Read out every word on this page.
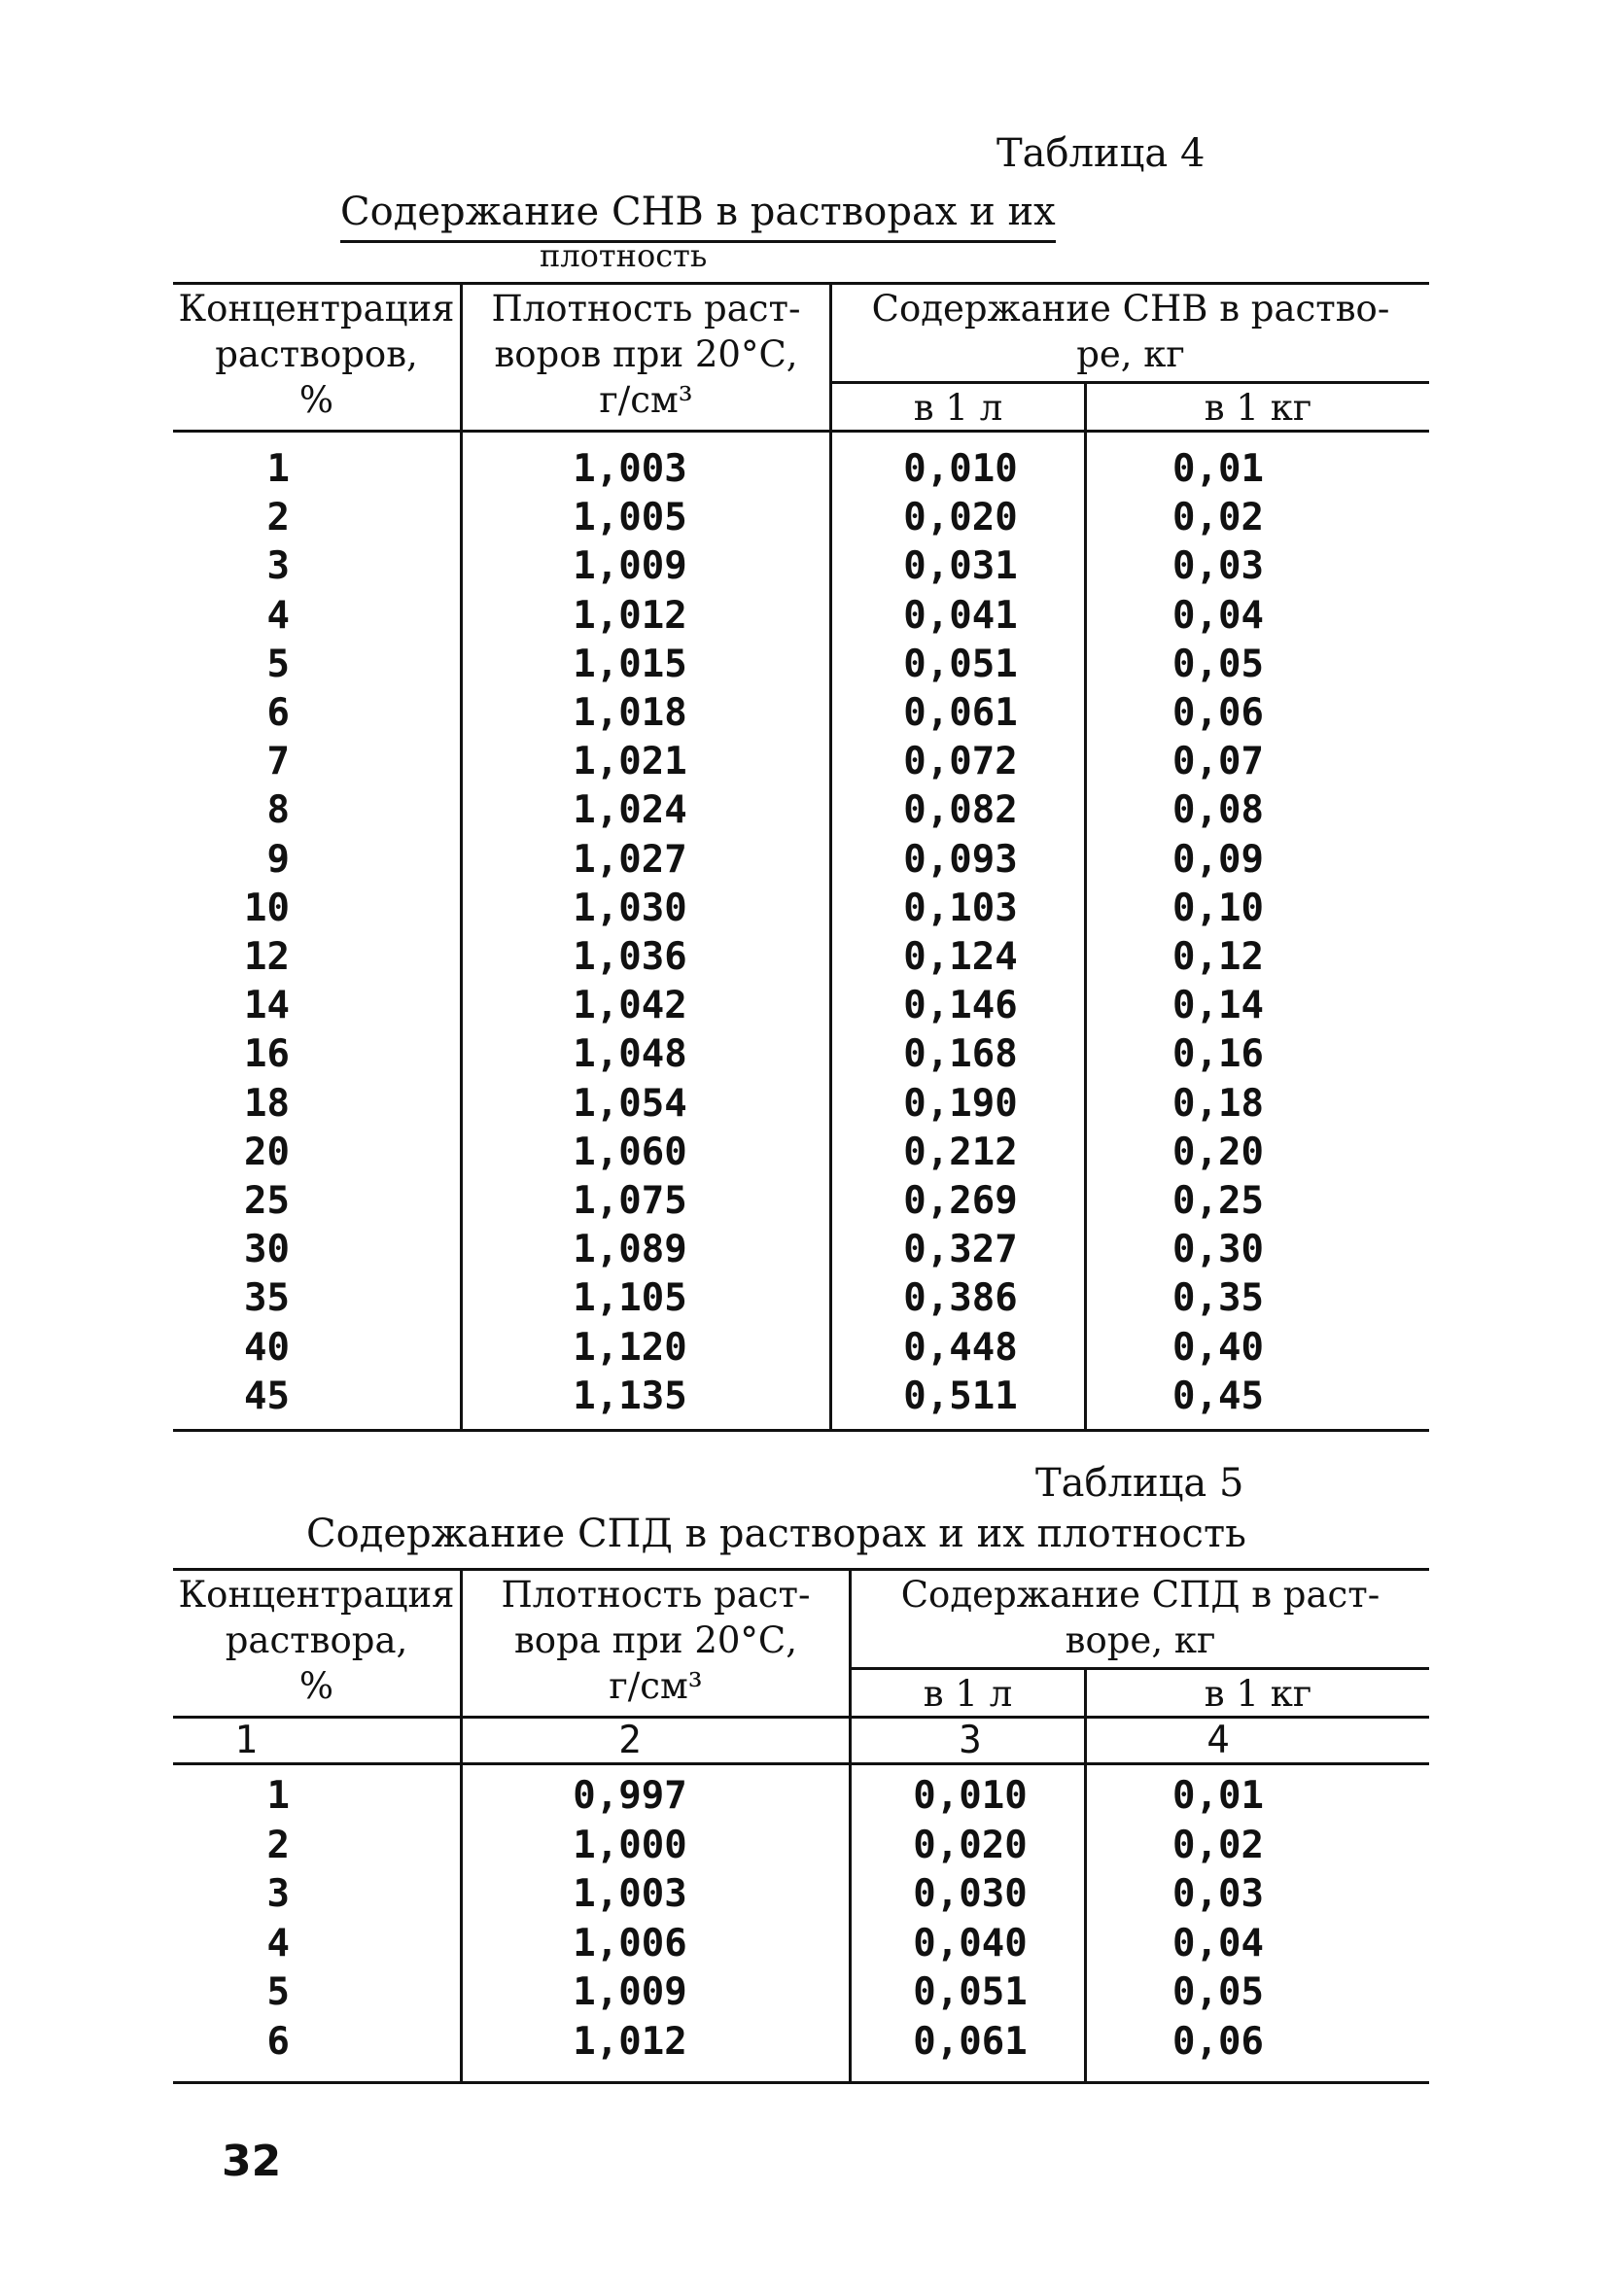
Таблица 4
Содержание СНВ в растворах и их
плотность
Концентрация
растворов,
%
Плотность раст-
воров при 20°С,
г/см³
Содержание СНВ в раство-
ре, кг
в 1 л	в 1 кг
1	1,003	0,010	0,01
2	1,005	0,020	0,02
3	1,009	0,031	0,03
4	1,012	0,041	0,04
5	1,015	0,051	0,05
6	1,018	0,061	0,06
7	1,021	0,072	0,07
8	1,024	0,082	0,08
9	1,027	0,093	0,09
10	1,030	0,103	0,10
12	1,036	0,124	0,12
14	1,042	0,146	0,14
16	1,048	0,168	0,16
18	1,054	0,190	0,18
20	1,060	0,212	0,20
25	1,075	0,269	0,25
30	1,089	0,327	0,30
35	1,105	0,386	0,35
40	1,120	0,448	0,40
45	1,135	0,511	0,45
Таблица 5
Содержание СПД в растворах и их плотность
Концентрация
раствора,
%
Плотность раст-
вора при 20°С,
г/см³
Содержание СПД в раст-
воре, кг
в 1 л	в 1 кг
1	2	3	4
1	0,997	0,010	0,01
2	1,000	0,020	0,02
3	1,003	0,030	0,03
4	1,006	0,040	0,04
5	1,009	0,051	0,05
6	1,012	0,061	0,06
32
